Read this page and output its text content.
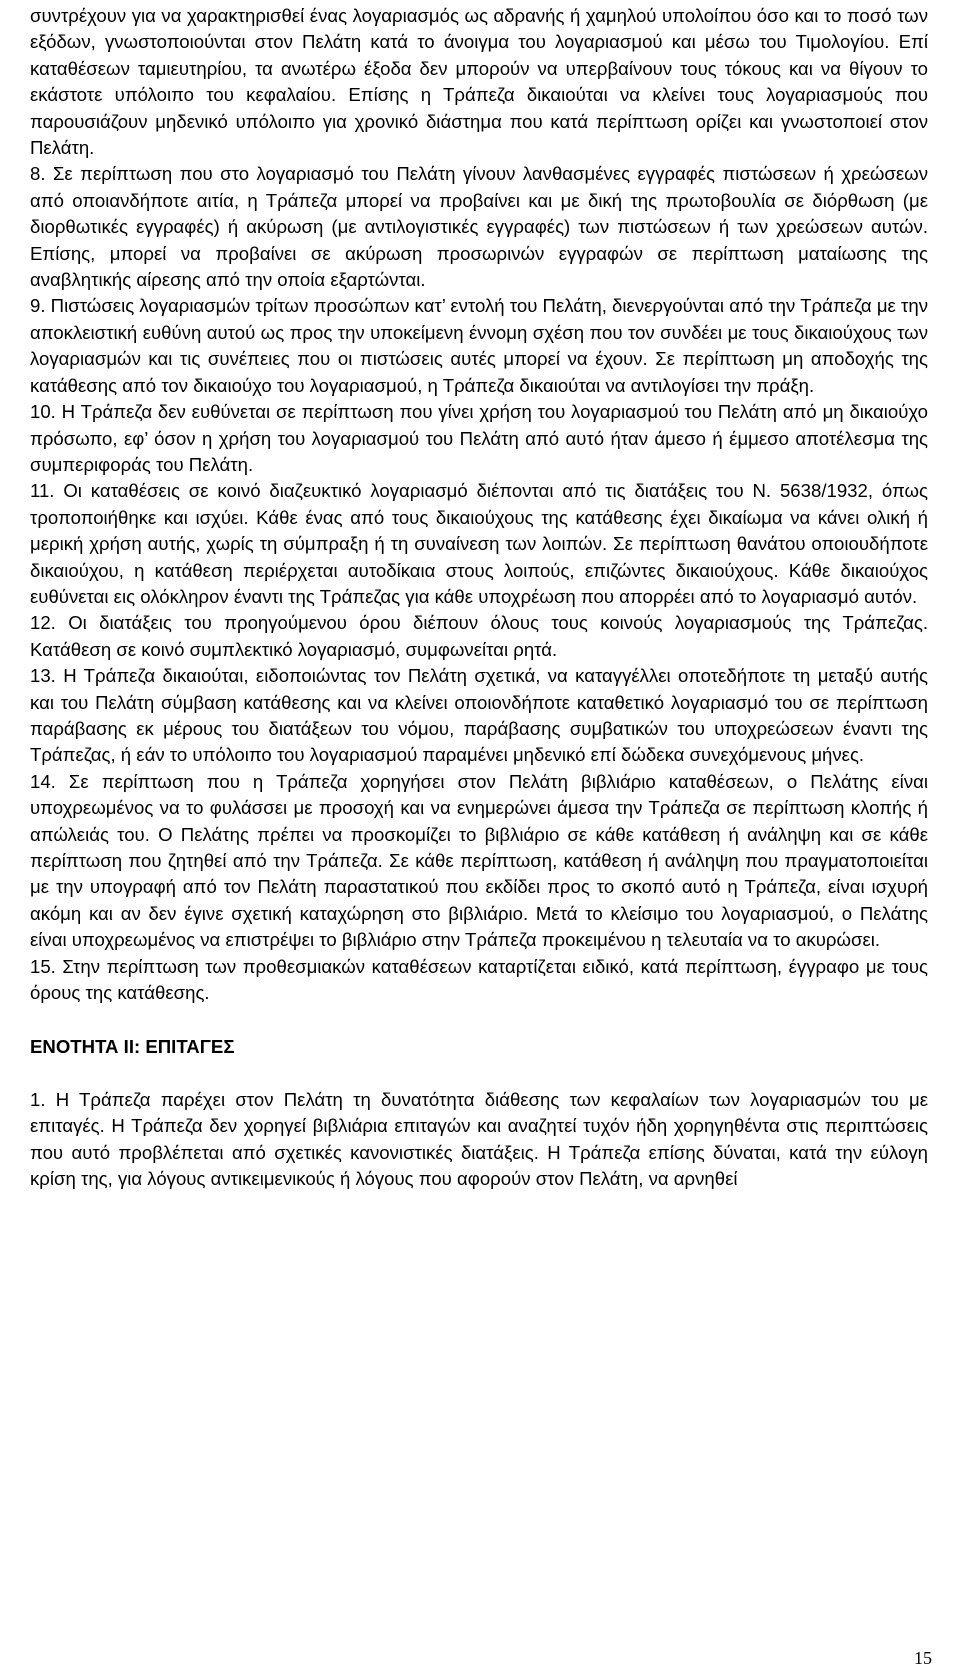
συντρέχουν για να χαρακτηρισθεί ένας λογαριασμός ως αδρανής ή χαμηλού υπολοίπου όσο και το ποσό των εξόδων, γνωστοποιούνται στον Πελάτη κατά το άνοιγμα του λογαριασμού και μέσω του Τιμολογίου. Επί καταθέσεων ταμιευτηρίου, τα ανωτέρω έξοδα δεν μπορούν να υπερβαίνουν τους τόκους και να θίγουν το εκάστοτε υπόλοιπο του κεφαλαίου. Επίσης η Τράπεζα δικαιούται να κλείνει τους λογαριασμούς που παρουσιάζουν μηδενικό υπόλοιπο για χρονικό διάστημα που κατά περίπτωση ορίζει και γνωστοποιεί στον Πελάτη.

8. Σε περίπτωση που στο λογαριασμό του Πελάτη γίνουν λανθασμένες εγγραφές πιστώσεων ή χρεώσεων από οποιανδήποτε αιτία, η Τράπεζα μπορεί να προβαίνει και με δική της πρωτοβουλία σε διόρθωση (με διορθωτικές εγγραφές) ή ακύρωση (με αντιλογιστικές εγγραφές) των πιστώσεων ή των χρεώσεων αυτών. Επίσης, μπορεί να προβαίνει σε ακύρωση προσωρινών εγγραφών σε περίπτωση ματαίωσης της αναβλητικής αίρεσης από την οποία εξαρτώνται.

9. Πιστώσεις λογαριασμών τρίτων προσώπων κατ’ εντολή του Πελάτη, διενεργούνται από την Τράπεζα με την αποκλειστική ευθύνη αυτού ως προς την υποκείμενη έννομη σχέση που τον συνδέει με τους δικαιούχους των λογαριασμών και τις συνέπειες που οι πιστώσεις αυτές μπορεί να έχουν. Σε περίπτωση μη αποδοχής της κατάθεσης από τον δικαιούχο του λογαριασμού, η Τράπεζα δικαιούται να αντιλογίσει την πράξη.

10. Η Τράπεζα δεν ευθύνεται σε περίπτωση που γίνει χρήση του λογαριασμού του Πελάτη από μη δικαιούχο πρόσωπο, εφ’ όσον η χρήση του λογαριασμού του Πελάτη από αυτό ήταν άμεσο ή έμμεσο αποτέλεσμα της συμπεριφοράς του Πελάτη.

11. Οι καταθέσεις σε κοινό διαζευκτικό λογαριασμό διέπονται από τις διατάξεις του Ν. 5638/1932, όπως τροποποιήθηκε και ισχύει. Κάθε ένας από τους δικαιούχους της κατάθεσης έχει δικαίωμα να κάνει ολική ή μερική χρήση αυτής, χωρίς τη σύμπραξη ή τη συναίνεση των λοιπών. Σε περίπτωση θανάτου οποιουδήποτε δικαιούχου, η κατάθεση περιέρχεται αυτοδίκαια στους λοιπούς, επιζώντες δικαιούχους. Κάθε δικαιούχος ευθύνεται εις ολόκληρον έναντι της Τράπεζας για κάθε υποχρέωση που απορρέει από το λογαριασμό αυτόν.

12. Οι διατάξεις του προηγούμενου όρου διέπουν όλους τους κοινούς λογαριασμούς της Τράπεζας. Κατάθεση σε κοινό συμπλεκτικό λογαριασμό, συμφωνείται ρητά.

13. Η Τράπεζα δικαιούται, ειδοποιώντας τον Πελάτη σχετικά, να καταγγέλλει οποτεδήποτε τη μεταξύ αυτής και του Πελάτη σύμβαση κατάθεσης και να κλείνει οποιονδήποτε καταθετικό λογαριασμό του σε περίπτωση παράβασης εκ μέρους του διατάξεων του νόμου, παράβασης συμβατικών του υποχρεώσεων έναντι της Τράπεζας, ή εάν το υπόλοιπο του λογαριασμού παραμένει μηδενικό επί δώδεκα συνεχόμενους μήνες.

14. Σε περίπτωση που η Τράπεζα χορηγήσει στον Πελάτη βιβλιάριο καταθέσεων, ο Πελάτης είναι υποχρεωμένος να το φυλάσσει με προσοχή και να ενημερώνει άμεσα την Τράπεζα σε περίπτωση κλοπής ή απώλειάς του. Ο Πελάτης πρέπει να προσκομίζει το βιβλιάριο σε κάθε κατάθεση ή ανάληψη και σε κάθε περίπτωση που ζητηθεί από την Τράπεζα. Σε κάθε περίπτωση, κατάθεση ή ανάληψη που πραγματοποιείται με την υπογραφή από τον Πελάτη παραστατικού που εκδίδει προς το σκοπό αυτό η Τράπεζα, είναι ισχυρή ακόμη και αν δεν έγινε σχετική καταχώρηση στο βιβλιάριο. Μετά το κλείσιμο του λογαριασμού, ο Πελάτης είναι υποχρεωμένος να επιστρέψει το βιβλιάριο στην Τράπεζα προκειμένου η τελευταία να το ακυρώσει.

15. Στην περίπτωση των προθεσμιακών καταθέσεων καταρτίζεται ειδικό, κατά περίπτωση, έγγραφο με τους όρους της κατάθεσης.

ΕΝΟΤΗΤΑ ΙΙ: ΕΠΙΤΑΓΕΣ

1. Η Τράπεζα παρέχει στον Πελάτη τη δυνατότητα διάθεσης των κεφαλαίων των λογαριασμών του με επιταγές. Η Τράπεζα δεν χορηγεί βιβλιάρια επιταγών και αναζητεί τυχόν ήδη χορηγηθέντα στις περιπτώσεις που αυτό προβλέπεται από σχετικές κανονιστικές διατάξεις. Η Τράπεζα επίσης δύναται, κατά την εύλογη κρίση της, για λόγους αντικειμενικούς ή λόγους που αφορούν στον Πελάτη, να αρνηθεί

15
